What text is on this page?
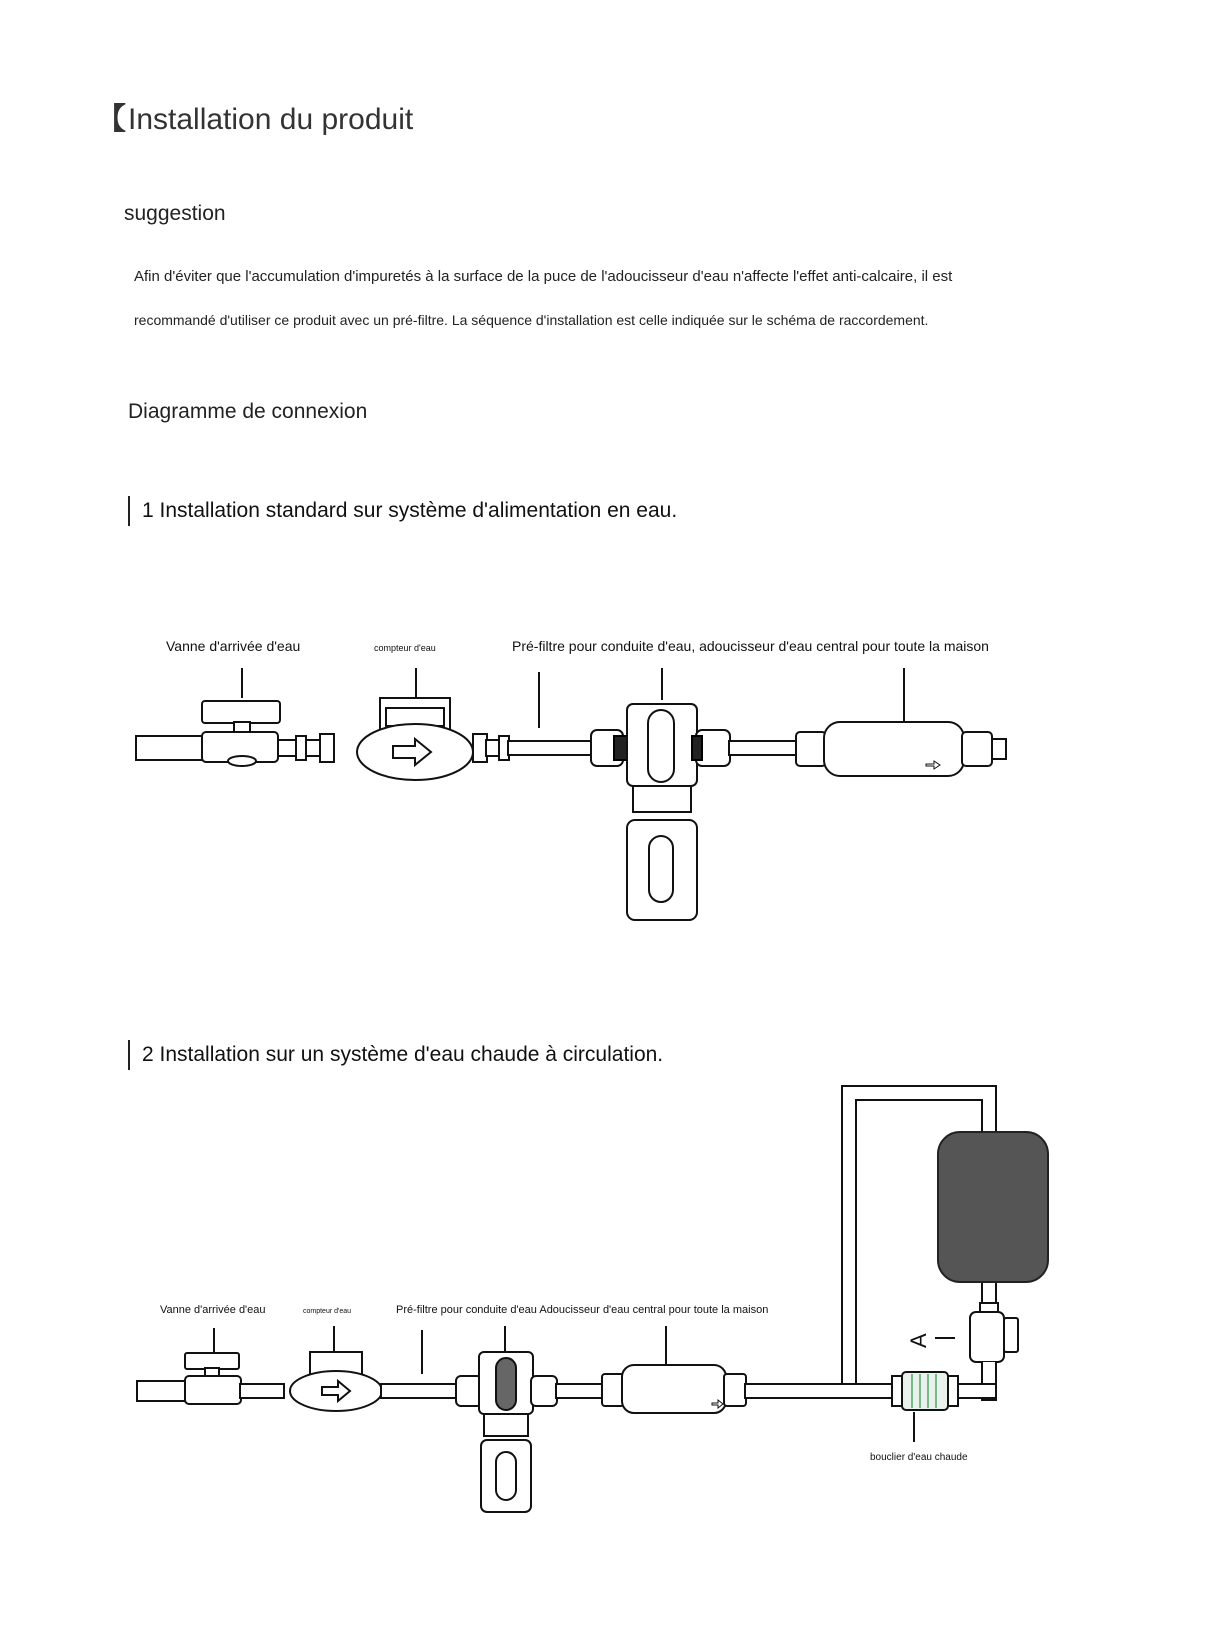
【Installation du produit
suggestion
Afin d'éviter que l'accumulation d'impuretés à la surface de la puce de l'adoucisseur d'eau n'affecte l'effet anti-calcaire, il est
recommandé d'utiliser ce produit avec un pré-filtre. La séquence d'installation est celle indiquée sur le schéma de raccordement.
Diagramme de connexion
1 Installation standard sur système d'alimentation en eau.
Vanne d'arrivée d'eau	compteur d'eau	Pré-filtre pour conduite d'eau, adoucisseur d'eau central pour toute la maison
2 Installation sur un système d'eau chaude à circulation.
Vanne d'arrivée d'eau	compteur d'eau	Pré-filtre pour conduite d'eau Adoucisseur d'eau central pour toute la maison
bouclier d'eau chaude
A
